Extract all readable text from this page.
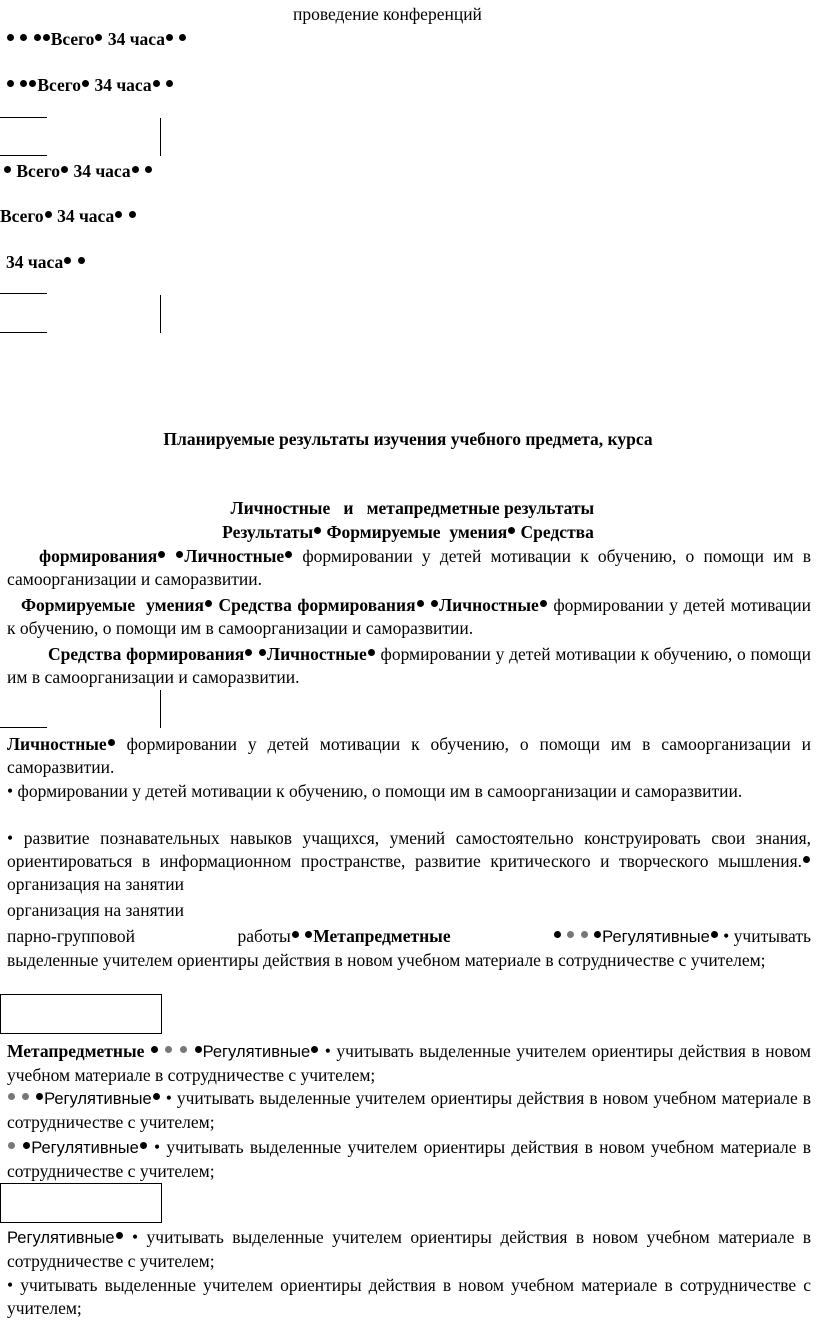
проведение конференций
Всего 34 часа
Всего 34 часа
Всего 34 часа
Всего 34 часа
34 часа
Планируемые результаты изучения учебного предмета, курса

Личностные   и   метапредметные результаты

Результаты Формируемые  умения Средства
формирования Личностные формировании у детей мотивации к обучению, о помощи им в самоорганизации и саморазвитии.
Формируемые  умения Средства формирования Личностные формировании у детей мотивации к обучению, о помощи им в самоорганизации и саморазвитии.
Средства формирования Личностные формировании у детей мотивации к обучению, о помощи им в самоорганизации и саморазвитии.
Личностные формировании у детей мотивации к обучению, о помощи им в самоорганизации и саморазвитии.
• формировании у детей мотивации к обучению, о помощи им в самоорганизации и саморазвитии.
• развитие познавательных навыков учащихся, умений самостоятельно конструировать свои знания, ориентироваться в информационном пространстве, развитие критического и творческого мышления. организация на занятии
организация на занятии
парно-групповой	работы Метапредметные	Регулятивные • учитывать
выделенные учителем ориентиры действия в новом учебном материале в сотрудничестве с учителем;
Метапредметные	Регулятивные • учитывать выделенные учителем ориентиры действия в новом учебном материале в сотрудничестве с учителем;
Регулятивные • учитывать выделенные учителем ориентиры действия в новом учебном материале в сотрудничестве с учителем;
Регулятивные • учитывать выделенные учителем ориентиры действия в новом учебном материале в сотрудничестве с учителем;
Регулятивные • учитывать выделенные учителем ориентиры действия в новом учебном материале в сотрудничестве с учителем;
• учитывать выделенные учителем ориентиры действия в новом учебном материале в сотрудничестве с учителем;
